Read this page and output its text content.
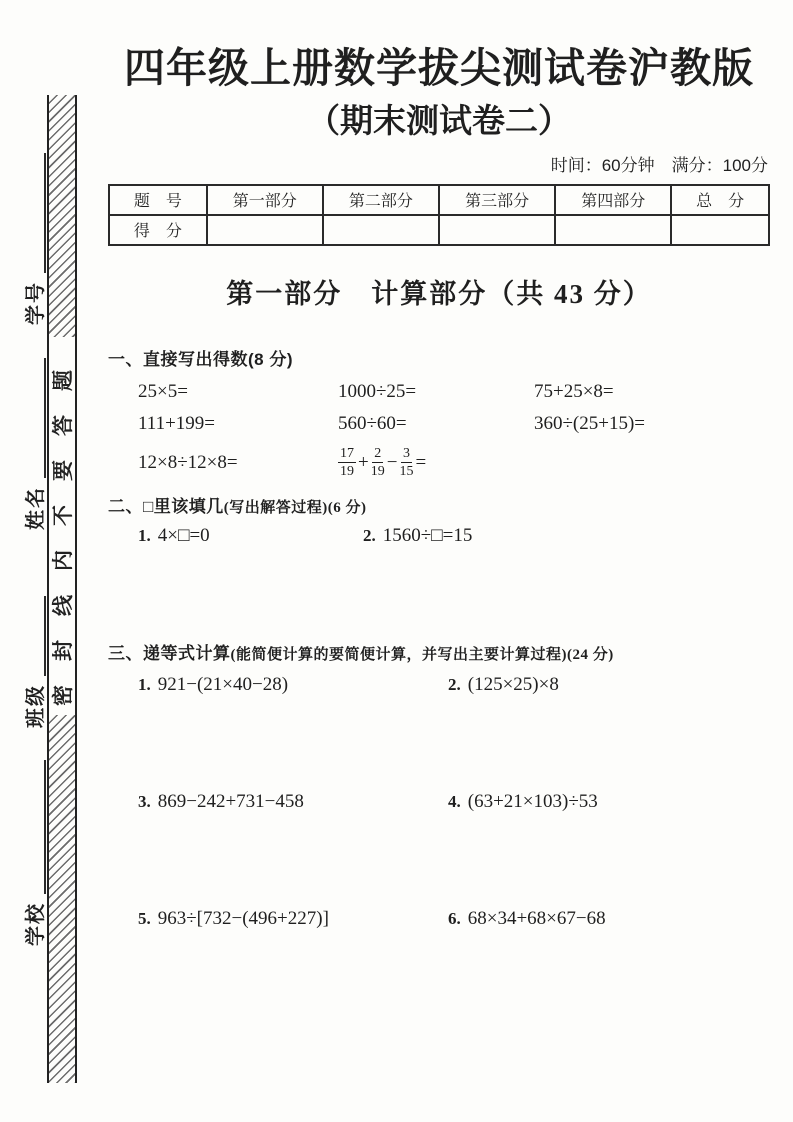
学号
姓名
班级
学校
密封线内不要答题
四年级上册数学拔尖测试卷沪教版
（期末测试卷二）
时间：60分钟　满分：100分
题　号	第一部分	第二部分	第三部分	第四部分	总　分
得　分					
第一部分　计算部分（共 43 分）
一、直接写出得数(8 分)
25×5=	1000÷25=	75+25×8=
111+199=	560÷60=	360÷(25+15)=
12×8÷12×8=	$\frac{17}{19} + \frac{2}{19} - \frac{3}{15}$ =
二、□里该填几(写出解答过程)(6 分)
1. 4×□=0	2. 1560÷□=15
三、递等式计算(能简便计算的要简便计算，并写出主要计算过程)(24 分)
1. 921−(21×40−28)	2. (125×25)×8
3. 869−242+731−458	4. (63+21×103)÷53
5. 963÷[732−(496+227)]	6. 68×34+68×67−68
